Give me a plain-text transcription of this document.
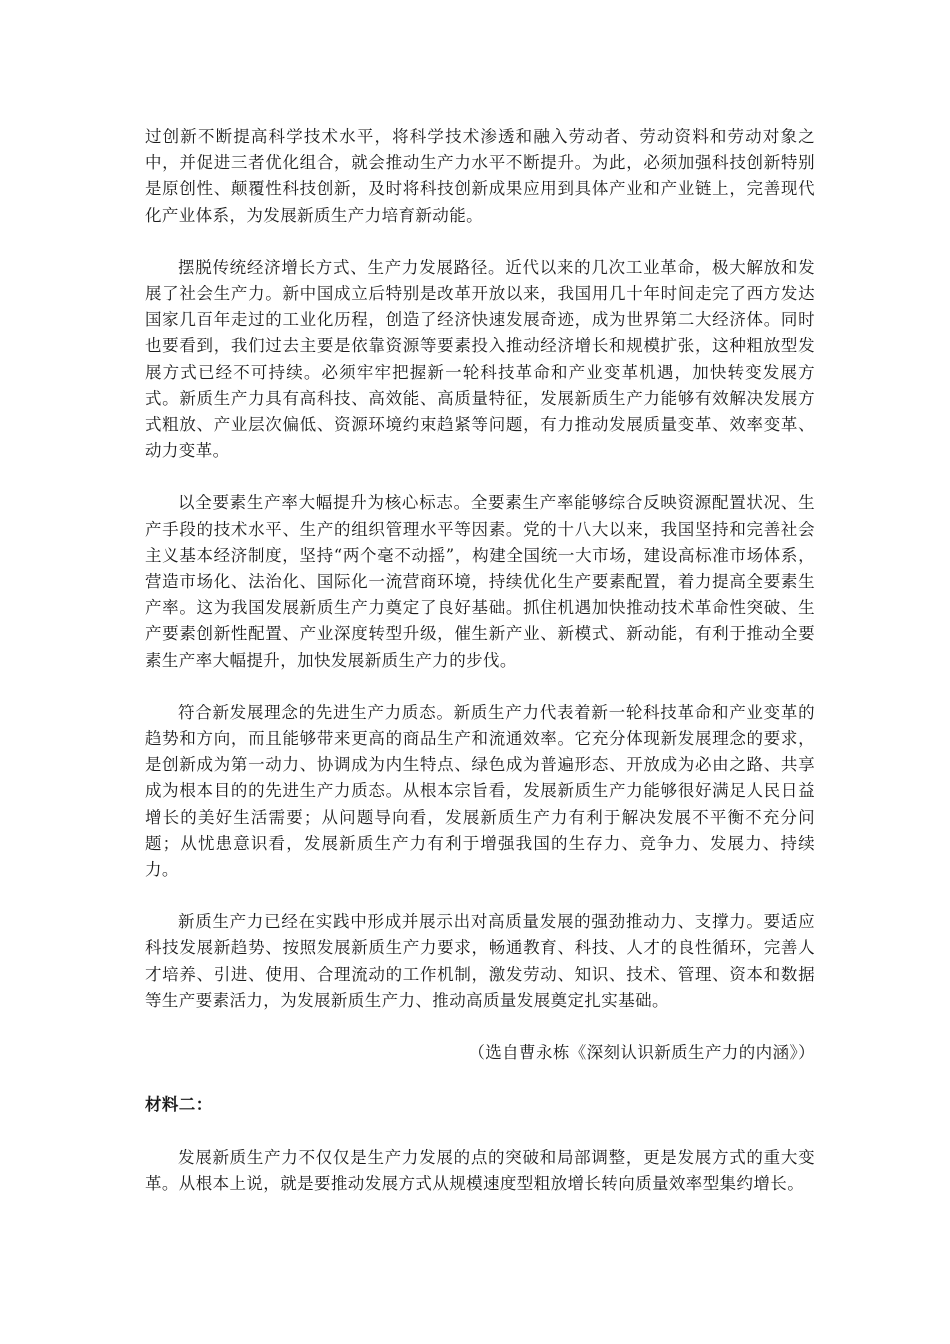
过创新不断提高科学技术水平，将科学技术渗透和融入劳动者、劳动资料和劳动对象之中，并促进三者优化组合，就会推动生产力水平不断提升。为此，必须加强科技创新特别是原创性、颠覆性科技创新，及时将科技创新成果应用到具体产业和产业链上，完善现代化产业体系，为发展新质生产力培育新动能。

摆脱传统经济增长方式、生产力发展路径。近代以来的几次工业革命，极大解放和发展了社会生产力。新中国成立后特别是改革开放以来，我国用几十年时间走完了西方发达国家几百年走过的工业化历程，创造了经济快速发展奇迹，成为世界第二大经济体。同时也要看到，我们过去主要是依靠资源等要素投入推动经济增长和规模扩张，这种粗放型发展方式已经不可持续。必须牢牢把握新一轮科技革命和产业变革机遇，加快转变发展方式。新质生产力具有高科技、高效能、高质量特征，发展新质生产力能够有效解决发展方式粗放、产业层次偏低、资源环境约束趋紧等问题，有力推动发展质量变革、效率变革、动力变革。

以全要素生产率大幅提升为核心标志。全要素生产率能够综合反映资源配置状况、生产手段的技术水平、生产的组织管理水平等因素。党的十八大以来，我国坚持和完善社会主义基本经济制度，坚持“两个毫不动摇”，构建全国统一大市场，建设高标准市场体系，营造市场化、法治化、国际化一流营商环境，持续优化生产要素配置，着力提高全要素生产率。这为我国发展新质生产力奠定了良好基础。抓住机遇加快推动技术革命性突破、生产要素创新性配置、产业深度转型升级，催生新产业、新模式、新动能，有利于推动全要素生产率大幅提升，加快发展新质生产力的步伐。

符合新发展理念的先进生产力质态。新质生产力代表着新一轮科技革命和产业变革的趋势和方向，而且能够带来更高的商品生产和流通效率。它充分体现新发展理念的要求，是创新成为第一动力、协调成为内生特点、绿色成为普遍形态、开放成为必由之路、共享成为根本目的的先进生产力质态。从根本宗旨看，发展新质生产力能够很好满足人民日益增长的美好生活需要；从问题导向看，发展新质生产力有利于解决发展不平衡不充分问题；从忧患意识看，发展新质生产力有利于增强我国的生存力、竞争力、发展力、持续力。

新质生产力已经在实践中形成并展示出对高质量发展的强劲推动力、支撑力。要适应科技发展新趋势、按照发展新质生产力要求，畅通教育、科技、人才的良性循环，完善人才培养、引进、使用、合理流动的工作机制，激发劳动、知识、技术、管理、资本和数据等生产要素活力，为发展新质生产力、推动高质量发展奠定扎实基础。

（选自曹永栋《深刻认识新质生产力的内涵》）
材料二：

发展新质生产力不仅仅是生产力发展的点的突破和局部调整，更是发展方式的重大变革。从根本上说，就是要推动发展方式从规模速度型粗放增长转向质量效率型集约增长。
